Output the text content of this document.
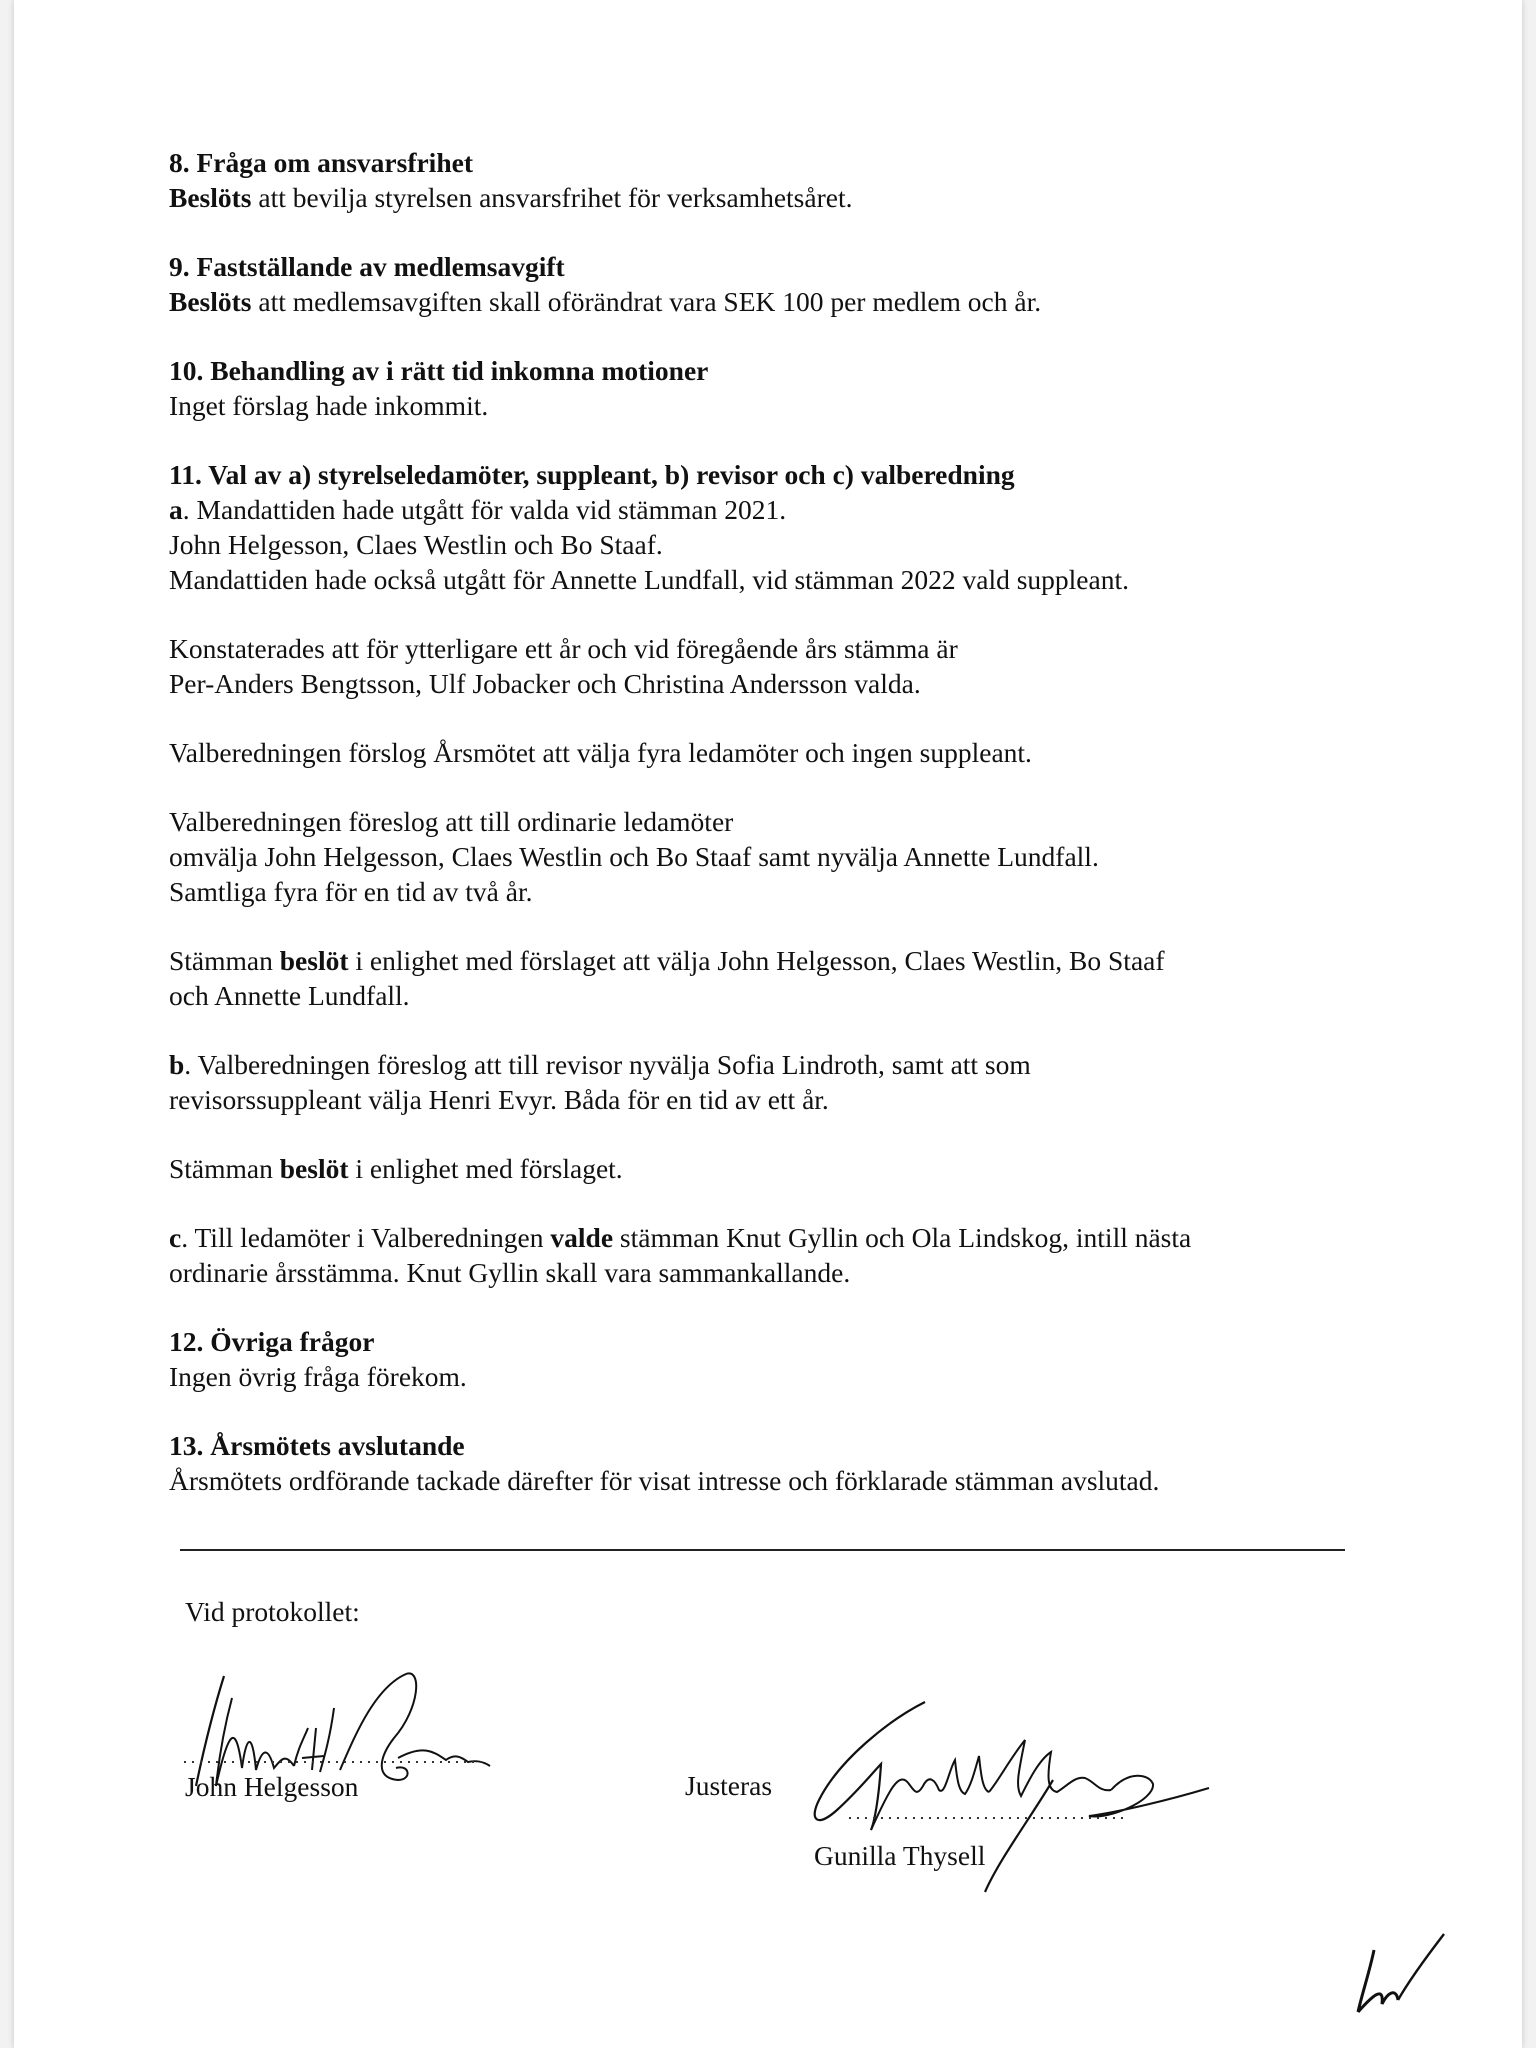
8. Fråga om ansvarsfrihet

Beslöts att bevilja styrelsen ansvarsfrihet för verksamhetsåret.

9. Fastställande av medlemsavgift

Beslöts att medlemsavgiften skall oförändrat vara SEK 100 per medlem och år.

10. Behandling av i rätt tid inkomna motioner

Inget förslag hade inkommit.

11. Val av a) styrelseledamöter, suppleant, b) revisor och c) valberedning

a. Mandattiden hade utgått för valda vid stämman 2021.

John Helgesson, Claes Westlin och Bo Staaf.

Mandattiden hade också utgått för Annette Lundfall, vid stämman 2022 vald suppleant.

Konstaterades att för ytterligare ett år och vid föregående års stämma är

Per-Anders Bengtsson, Ulf Jobacker och Christina Andersson valda.

Valberedningen förslog Årsmötet att välja fyra ledamöter och ingen suppleant.

Valberedningen föreslog att till ordinarie ledamöter

omvälja John Helgesson, Claes Westlin och Bo Staaf samt nyvälja Annette Lundfall.

Samtliga fyra för en tid av två år.

Stämman beslöt i enlighet med förslaget att välja John Helgesson, Claes Westlin, Bo Staaf

och Annette Lundfall.

b. Valberedningen föreslog att till revisor nyvälja Sofia Lindroth, samt att som

revisorssuppleant välja Henri Evyr. Båda för en tid av ett år.

Stämman beslöt i enlighet med förslaget.

c. Till ledamöter i Valberedningen valde stämman Knut Gyllin och Ola Lindskog, intill nästa

ordinarie årsstämma. Knut Gyllin skall vara sammankallande.

12. Övriga frågor

Ingen övrig fråga förekom.

13. Årsmötets avslutande

Årsmötets ordförande tackade därefter för visat intresse och förklarade stämman avslutad.

Vid protokollet:
John Helgesson	Justeras
Gunilla Thysell
